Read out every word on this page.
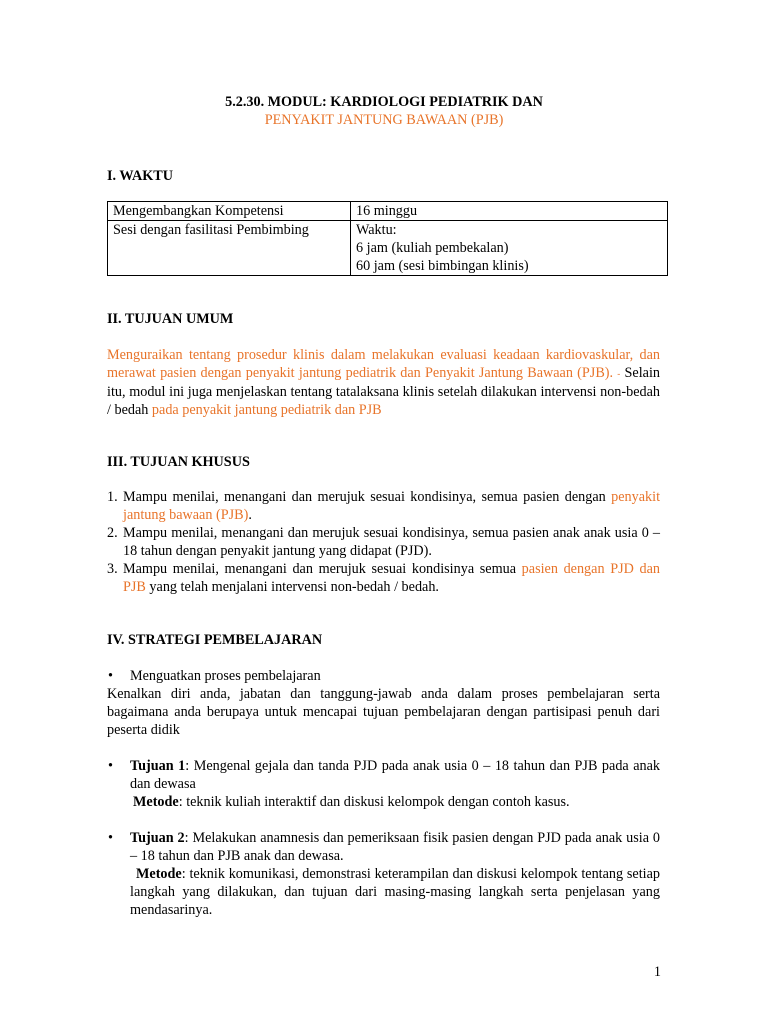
5.2.30. MODUL: KARDIOLOGI PEDIATRIK DAN
PENYAKIT JANTUNG BAWAAN (PJB)
I. WAKTU
Mengembangkan Kompetensi	16 minggu

Sesi dengan fasilitasi Pembimbing	Waktu:
6 jam (kuliah pembekalan)
60 jam (sesi bimbingan klinis)
II. TUJUAN UMUM
Menguraikan tentang prosedur klinis dalam melakukan evaluasi keadaan kardiovaskular, dan merawat pasien dengan penyakit jantung pediatrik dan Penyakit Jantung Bawaan (PJB). - Selain itu, modul ini juga menjelaskan tentang tatalaksana klinis setelah dilakukan intervensi non-bedah / bedah pada penyakit jantung pediatrik dan PJB
III. TUJUAN KHUSUS
1. Mampu menilai, menangani dan merujuk sesuai kondisinya, semua pasien dengan penyakit jantung bawaan (PJB).
2. Mampu menilai, menangani dan merujuk sesuai kondisinya, semua pasien anak anak usia 0 – 18 tahun dengan penyakit jantung yang didapat (PJD).
3. Mampu menilai, menangani dan merujuk sesuai kondisinya semua pasien dengan PJD dan PJB yang telah menjalani intervensi non-bedah / bedah.
IV. STRATEGI PEMBELAJARAN
• Menguatkan proses pembelajaran
Kenalkan diri anda, jabatan dan tanggung-jawab anda dalam proses pembelajaran serta bagaimana anda berupaya untuk mencapai tujuan pembelajaran dengan partisipasi penuh dari peserta didik
• Tujuan 1: Mengenal gejala dan tanda PJD pada anak usia 0 – 18 tahun dan PJB pada anak dan dewasa
Metode: teknik kuliah interaktif dan diskusi kelompok dengan contoh kasus.
• Tujuan 2: Melakukan anamnesis dan pemeriksaan fisik pasien dengan PJD pada anak usia 0 – 18 tahun dan PJB anak dan dewasa.
Metode: teknik komunikasi, demonstrasi keterampilan dan diskusi kelompok tentang setiap langkah yang dilakukan, dan tujuan dari masing-masing langkah serta penjelasan yang mendasarinya.
1
